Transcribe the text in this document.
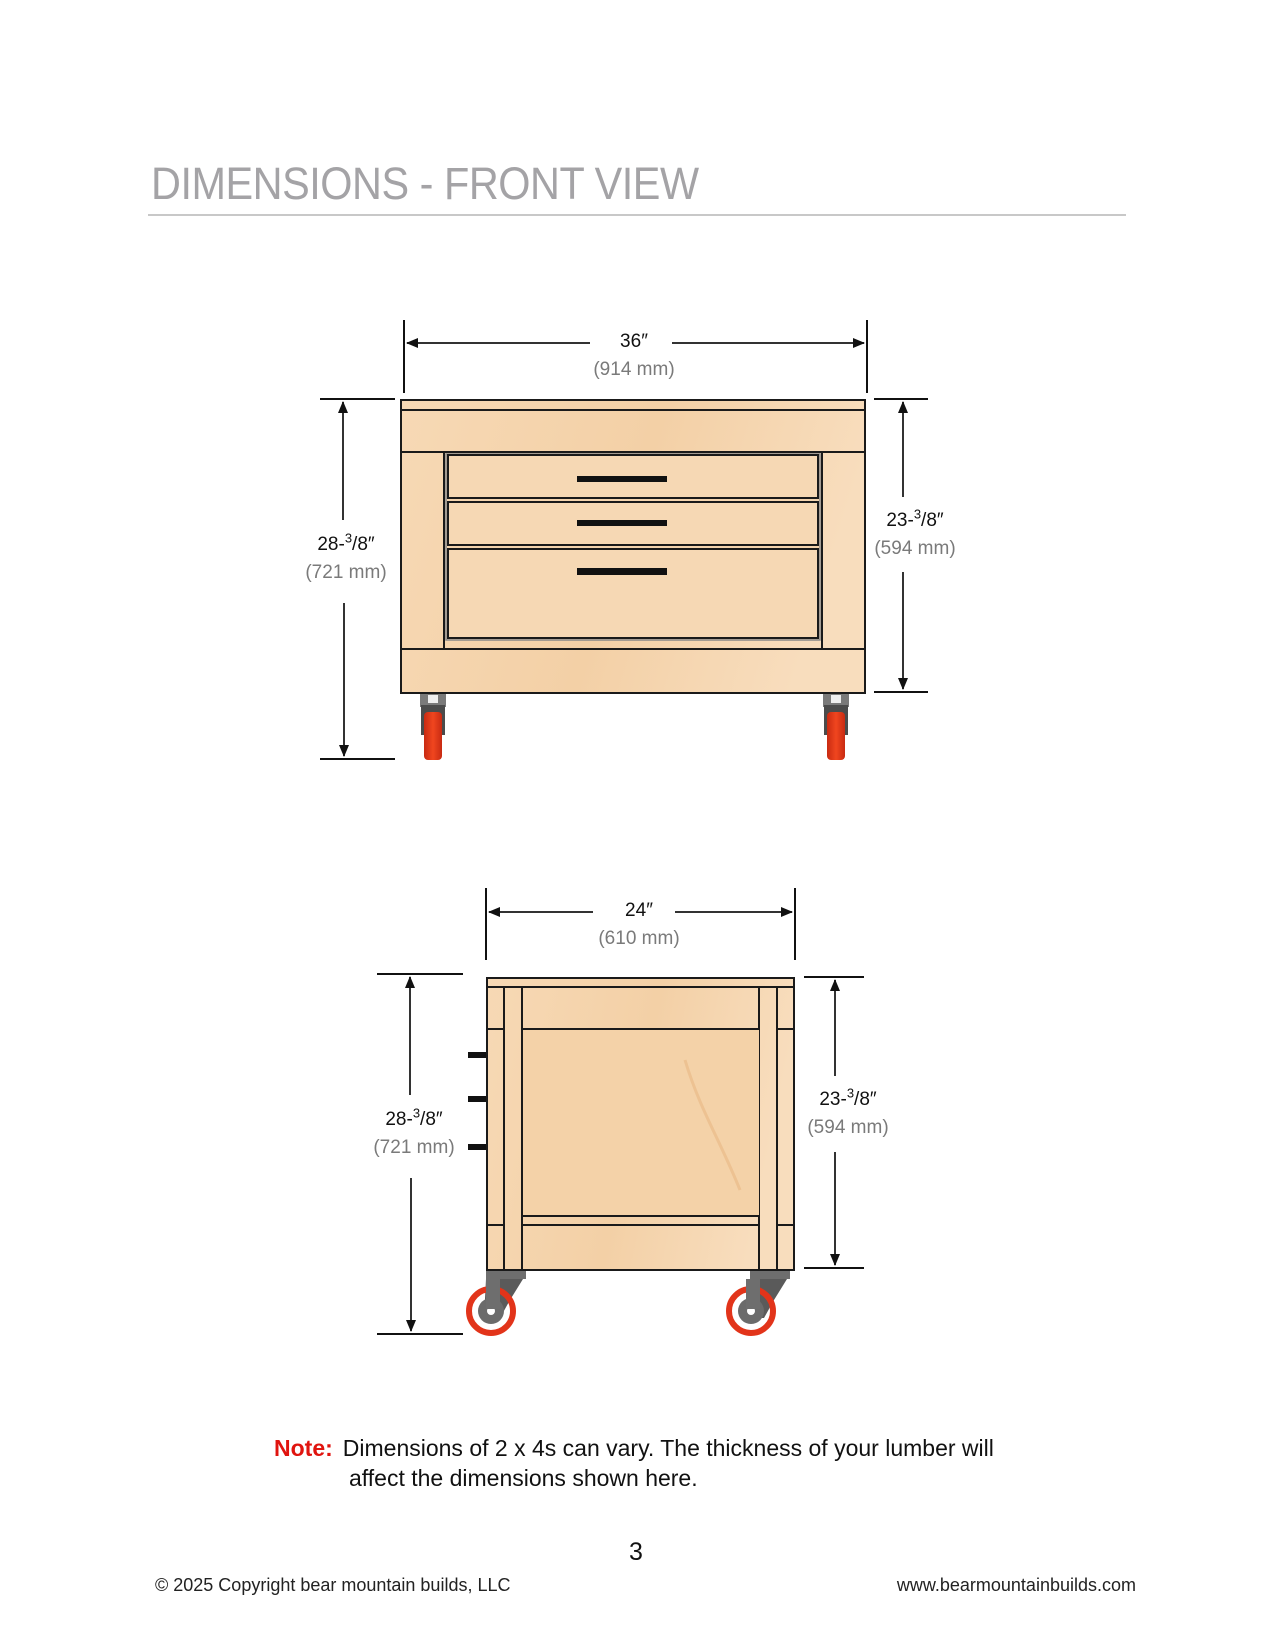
DIMENSIONS - FRONT VIEW
36″
(914 mm)
28-$^3$/8″
(721 mm)
23-$^3$/8″
(594 mm)
24″
(610 mm)
28-$^3$/8″
(721 mm)
23-$^3$/8″
(594 mm)
Note: Dimensions of 2 x 4s can vary. The thickness of your lumber will
affect the dimensions shown here.
3
© 2025 Copyright bear mountain builds, LLC	www.bearmountainbuilds.com
